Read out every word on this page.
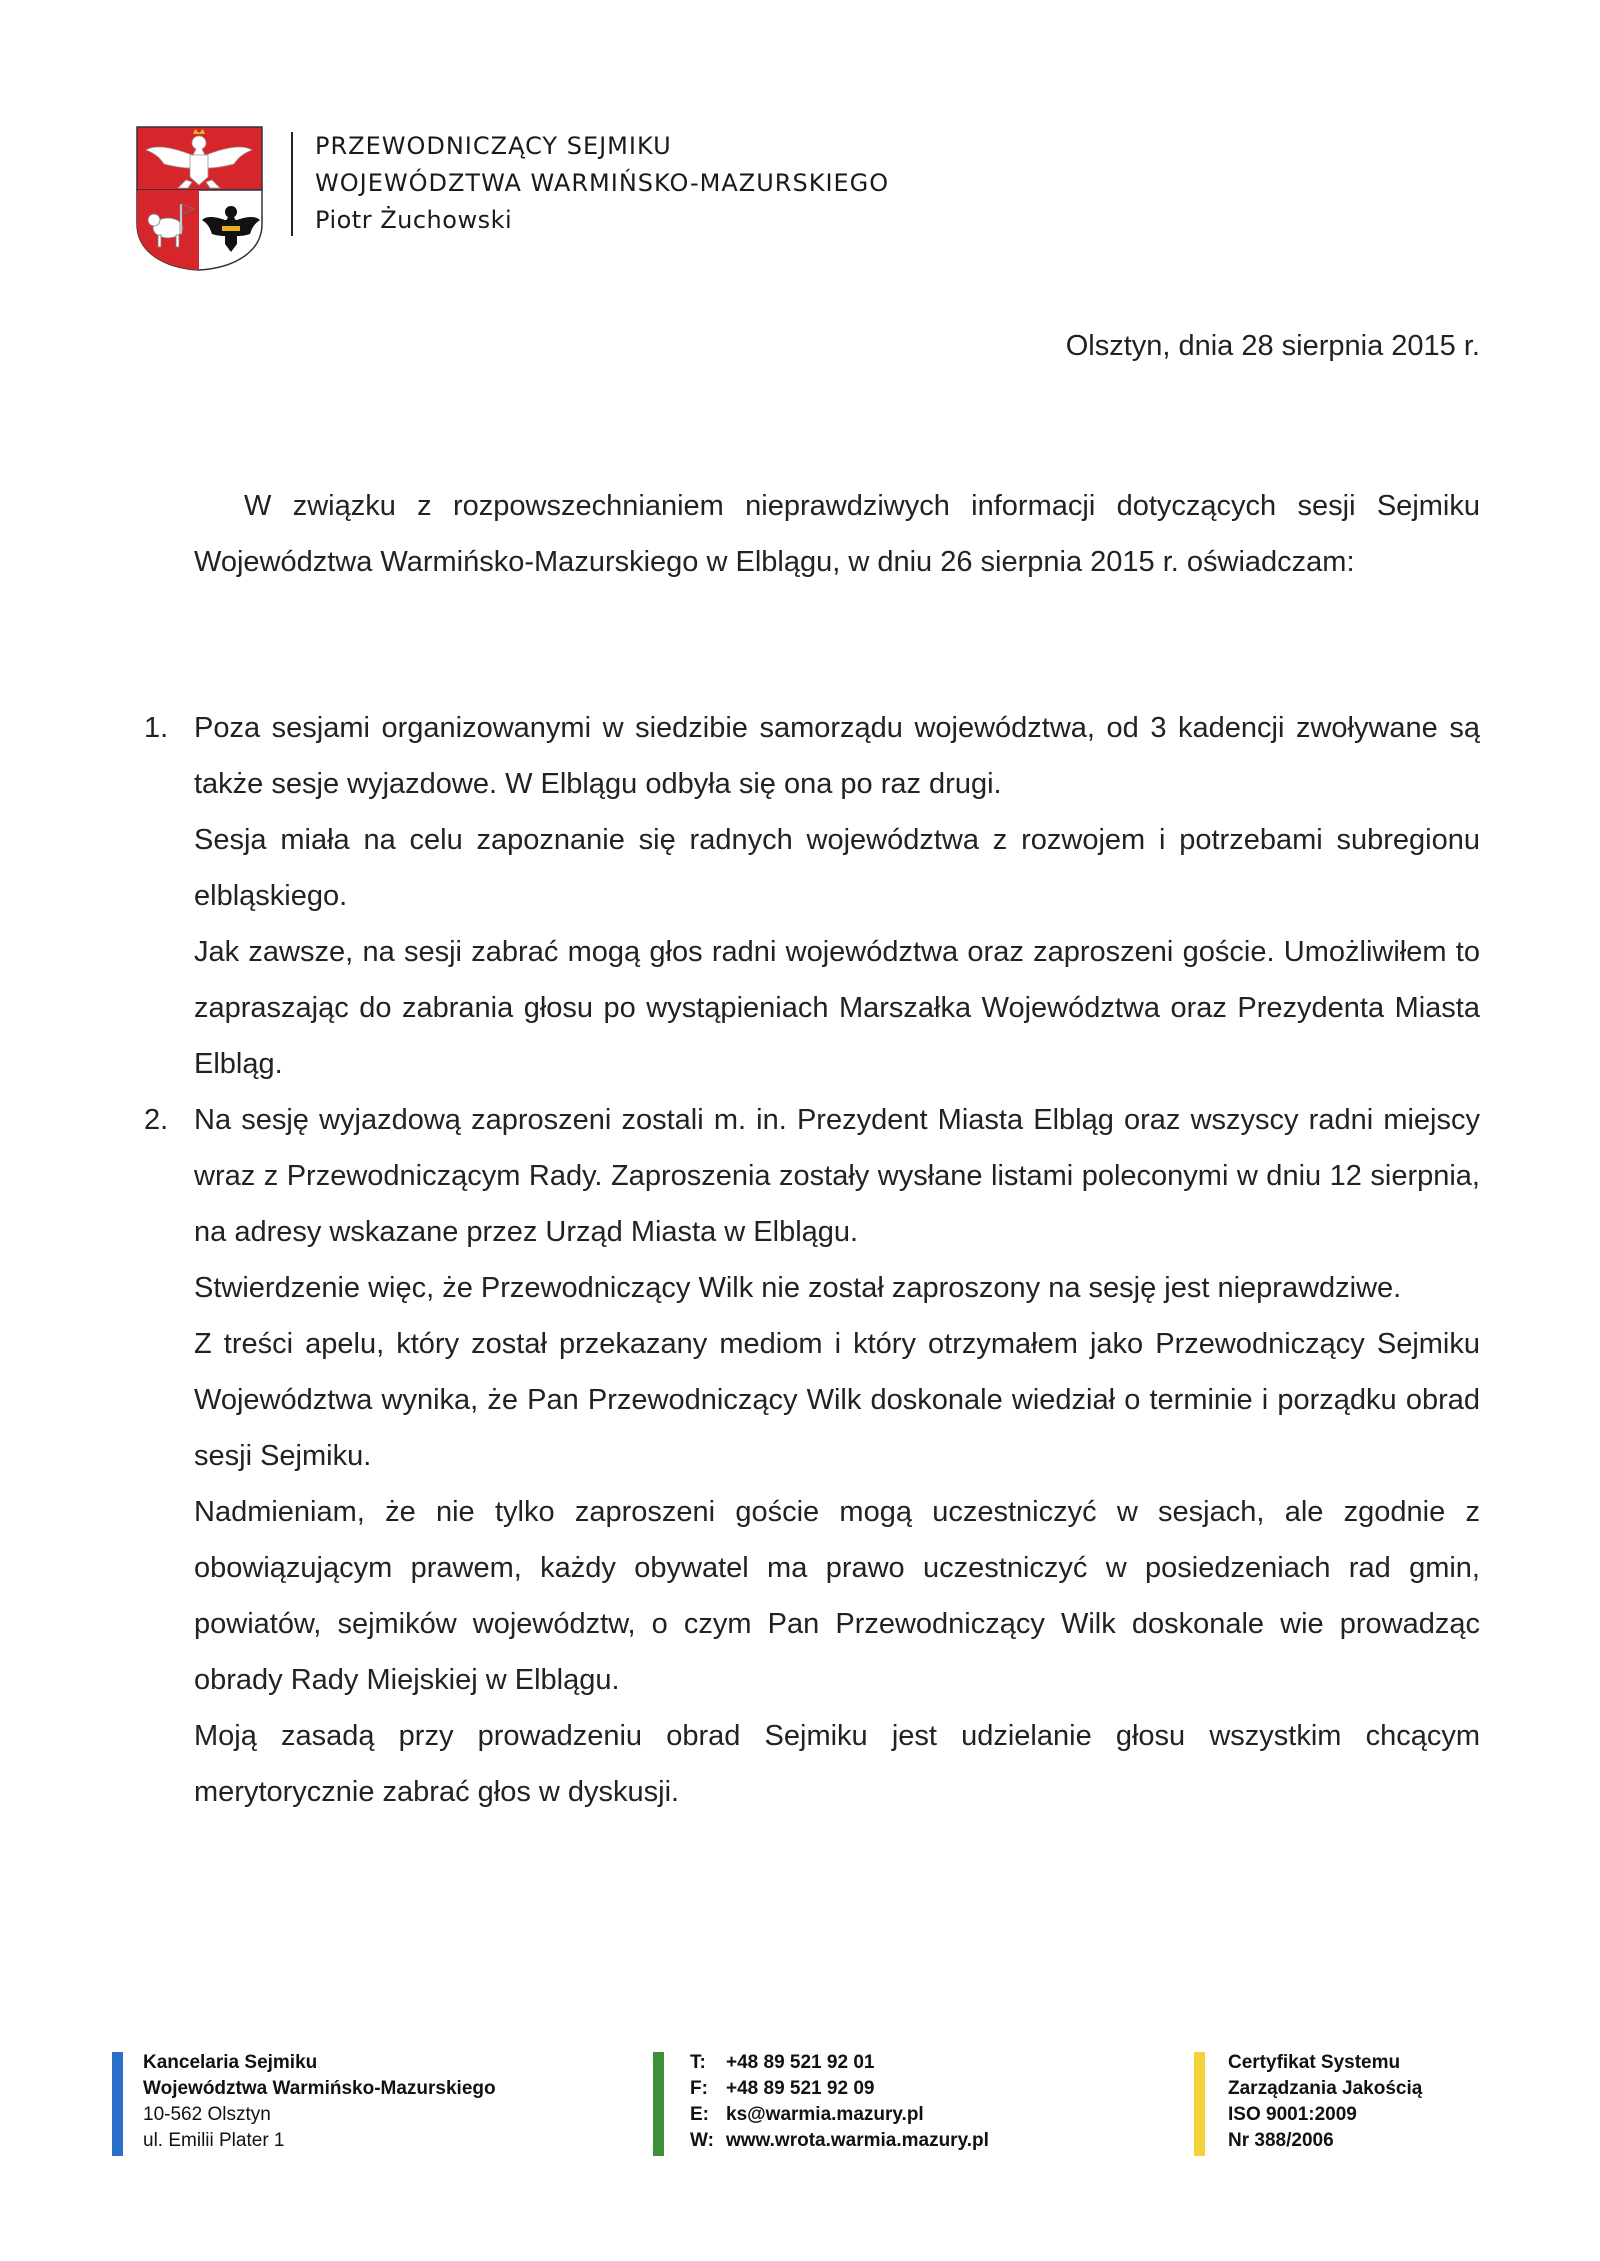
PRZEWODNICZĄCY SEJMIKU
WOJEWÓDZTWA WARMIŃSKO-MAZURSKIEGO
Piotr Żuchowski
Olsztyn, dnia 28 sierpnia 2015 r.
W związku z rozpowszechnianiem nieprawdziwych informacji dotyczących sesji Sejmiku Województwa Warmińsko-Mazurskiego w Elblągu, w dniu 26 sierpnia 2015 r. oświadczam:
1. Poza sesjami organizowanymi w siedzibie samorządu województwa, od 3 kadencji zwoływane są także sesje wyjazdowe. W Elblągu odbyła się ona po raz drugi.
Sesja miała na celu zapoznanie się radnych województwa z rozwojem i potrzebami subregionu elbląskiego.
Jak zawsze, na sesji zabrać mogą głos radni województwa oraz zaproszeni goście. Umożliwiłem to zapraszając do zabrania głosu po wystąpieniach Marszałka Województwa oraz Prezydenta Miasta Elbląg.
2. Na sesję wyjazdową zaproszeni zostali m. in. Prezydent Miasta Elbląg oraz wszyscy radni miejscy wraz z Przewodniczącym Rady. Zaproszenia zostały wysłane listami poleconymi w dniu 12 sierpnia, na adresy wskazane przez Urząd Miasta w Elblągu.
Stwierdzenie więc, że Przewodniczący Wilk nie został zaproszony na sesję jest nieprawdziwe.
Z treści apelu, który został przekazany mediom i który otrzymałem jako Przewodniczący Sejmiku Województwa wynika, że Pan Przewodniczący Wilk doskonale wiedział o terminie i porządku obrad sesji Sejmiku.
Nadmieniam, że nie tylko zaproszeni goście mogą uczestniczyć w sesjach, ale zgodnie z obowiązującym prawem, każdy obywatel ma prawo uczestniczyć w posiedzeniach rad gmin, powiatów, sejmików województw, o czym Pan Przewodniczący Wilk doskonale wie prowadząc obrady Rady Miejskiej w Elblągu.
Moją zasadą przy prowadzeniu obrad Sejmiku jest udzielanie głosu wszystkim chcącym merytorycznie zabrać głos w dyskusji.
Kancelaria Sejmiku
Województwa Warmińsko-Mazurskiego
10-562 Olsztyn
ul. Emilii Plater 1
T: +48 89 521 92 01
F: +48 89 521 92 09
E: ks@warmia.mazury.pl
W: www.wrota.warmia.mazury.pl
Certyfikat Systemu
Zarządzania Jakością
ISO 9001:2009
Nr 388/2006
